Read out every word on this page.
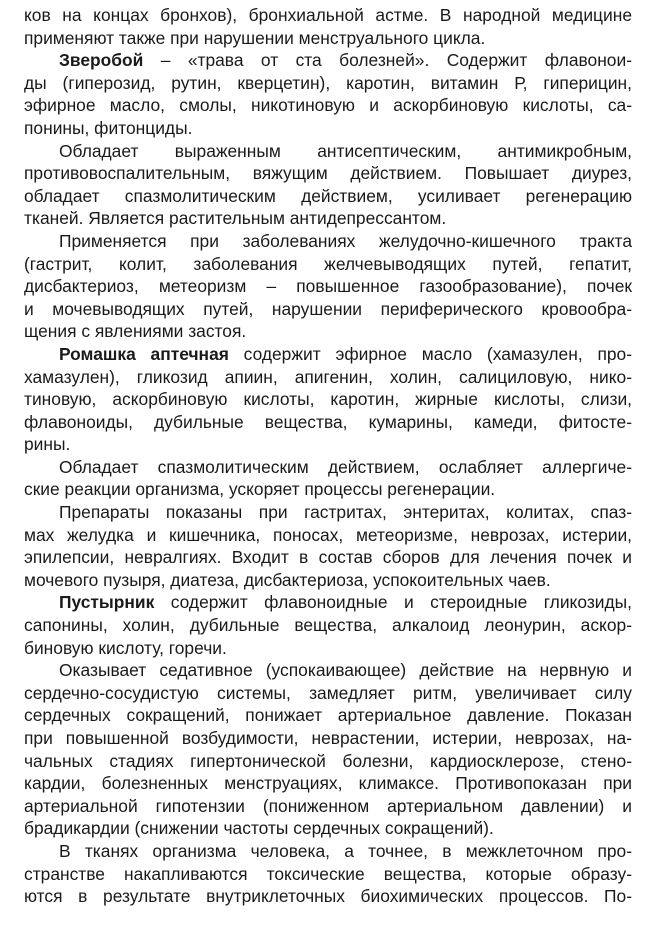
ков на концах бронхов), бронхиальной астме. В народной медицине
применяют также при нарушении менструального цикла.
Зверобой – «трава от ста болезней». Содержит флавонои-
ды (гиперозид, рутин, кверцетин), каротин, витамин Р, гиперицин,
эфирное масло, смолы, никотиновую и аскорбиновую кислоты, са-
понины, фитонциды.
Обладает выраженным антисептическим, антимикробным,
противовоспалительным, вяжущим действием. Повышает диурез,
обладает спазмолитическим действием, усиливает регенерацию
тканей. Является растительным антидепрессантом.
Применяется при заболеваниях желудочно-кишечного тракта
(гастрит, колит, заболевания желчевыводящих путей, гепатит,
дисбактериоз, метеоризм – повышенное газообразование), почек
и мочевыводящих путей, нарушении периферического кровообра-
щения с явлениями застоя.
Ромашка аптечная содержит эфирное масло (хамазулен, про-
хамазулен), гликозид апиин, апигенин, холин, салициловую, нико-
тиновую, аскорбиновую кислоты, каротин, жирные кислоты, слизи,
флавоноиды, дубильные вещества, кумарины, камеди, фитосте-
рины.
Обладает спазмолитическим действием, ослабляет аллергиче-
ские реакции организма, ускоряет процессы регенерации.
Препараты показаны при гастритах, энтеритах, колитах, спаз-
мах желудка и кишечника, поносах, метеоризме, неврозах, истерии,
эпилепсии, невралгиях. Входит в состав сборов для лечения почек и
мочевого пузыря, диатеза, дисбактериоза, успокоительных чаев.
Пустырник содержит флавоноидные и стероидные гликозиды,
сапонины, холин, дубильные вещества, алкалоид леонурин, аскор-
биновую кислоту, горечи.
Оказывает седативное (успокаивающее) действие на нервную и
сердечно-сосудистую системы, замедляет ритм, увеличивает силу
сердечных сокращений, понижает артериальное давление. Показан
при повышенной возбудимости, неврастении, истерии, неврозах, на-
чальных стадиях гипертонической болезни, кардиосклерозе, стено-
кардии, болезненных менструациях, климаксе. Противопоказан при
артериальной гипотензии (пониженном артериальном давлении) и
брадикардии (снижении частоты сердечных сокращений).
В тканях организма человека, а точнее, в межклеточном про-
странстве накапливаются токсические вещества, которые образу-
ются в результате внутриклеточных биохимических процессов. По-
